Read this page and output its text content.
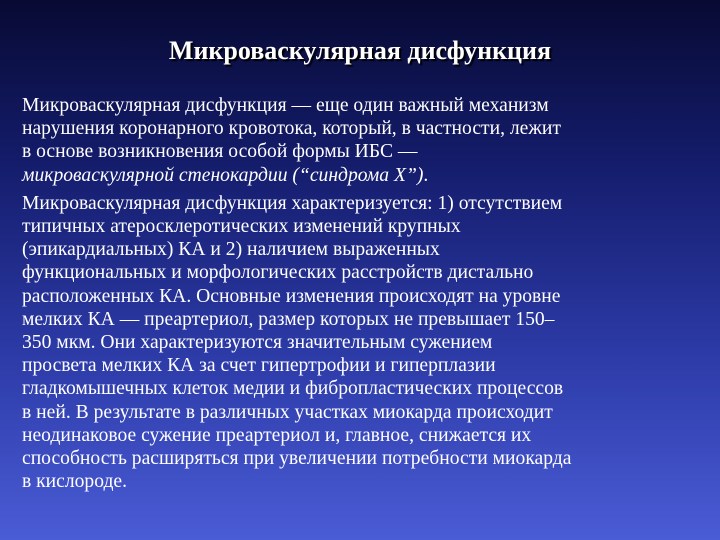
Микроваскулярная дисфункция
Микроваскулярная дисфункция — еще один важный механизм
нарушения коронарного кровотока, который, в частности, лежит
в основе возникновения особой формы ИБС —
микроваскулярной стенокардии (“синдрома X”).
Микроваскулярная дисфункция характеризуется: 1) отсутствием
типичных атеросклеротических изменений крупных
(эпикардиальных) КА и 2) наличием выраженных
функциональных и морфологических расстройств дистально
расположенных КА. Основные изменения происходят на уровне
мелких КА — преартериол, размер которых не превышает 150–
350 мкм. Они характеризуются значительным сужением
просвета мелких КА за счет гипертрофии и гиперплазии
гладкомышечных клеток медии и фибропластических процессов
в ней. В результате в различных участках миокарда происходит
неодинаковое сужение преартериол и, главное, снижается их
способность расширяться при увеличении потребности миокарда
в кислороде.
